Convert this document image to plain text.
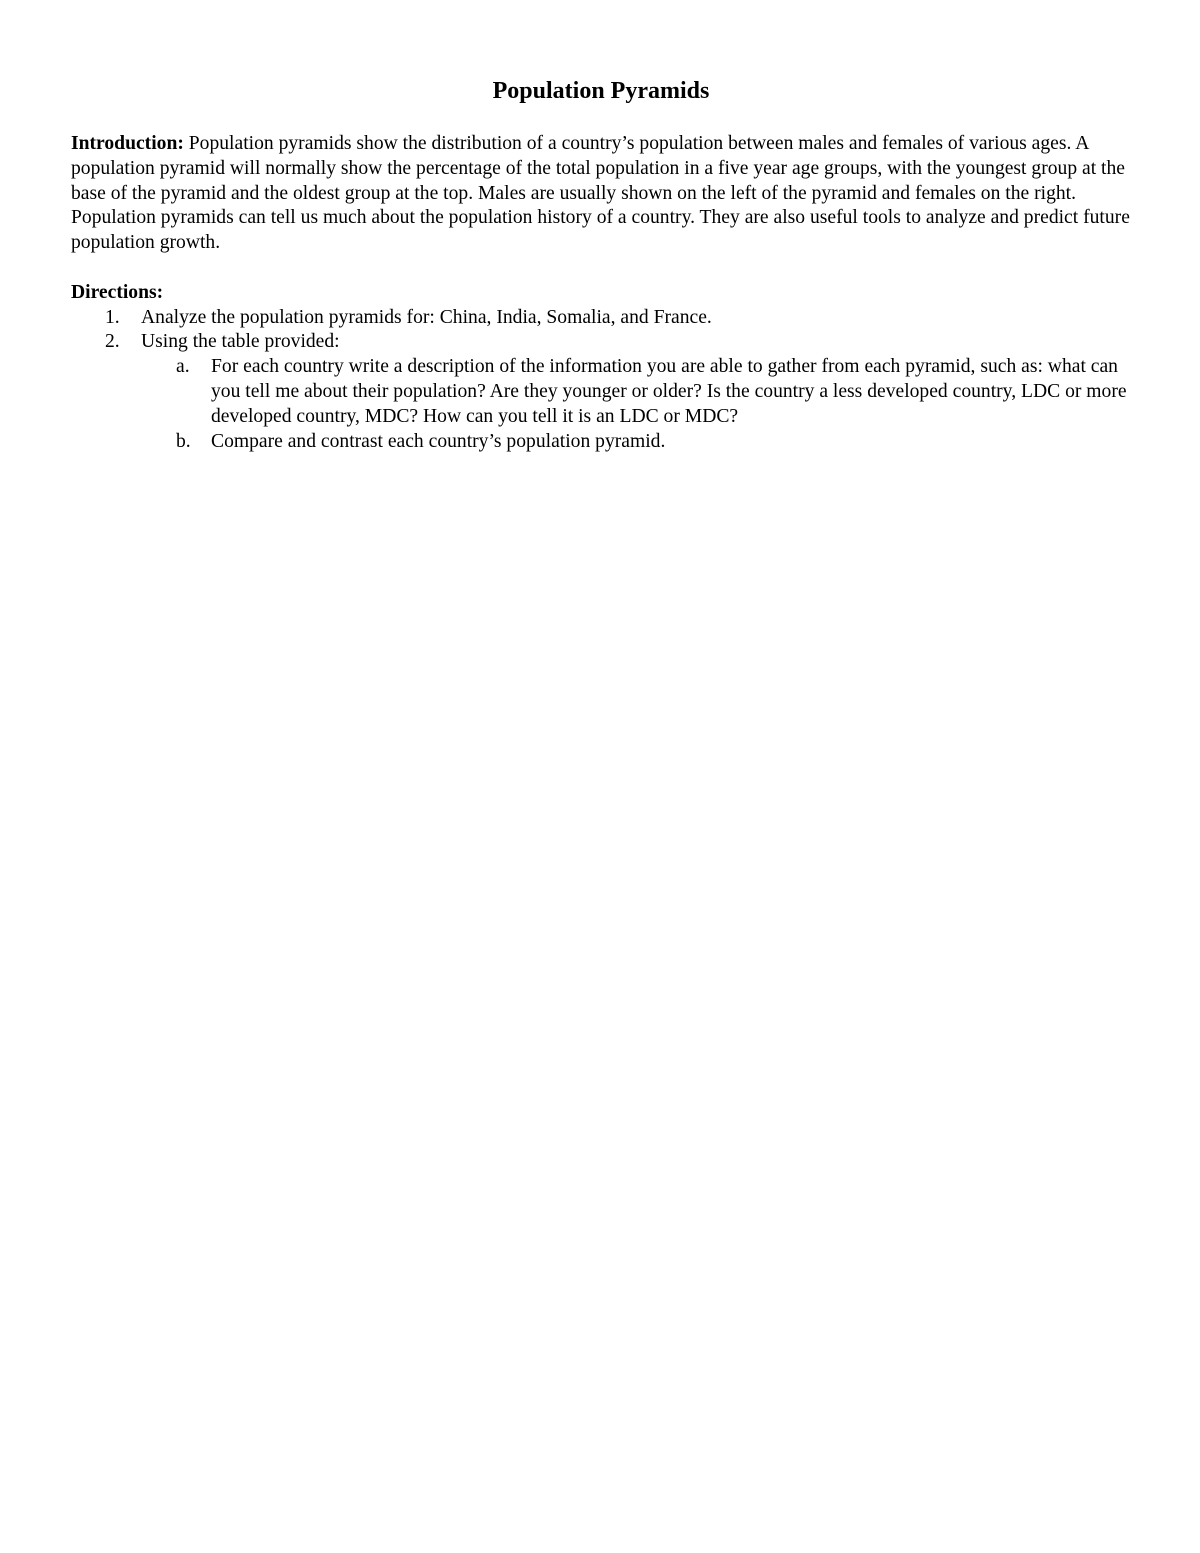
Population Pyramids

Introduction: Population pyramids show the distribution of a country’s population between males and females of various ages. A population pyramid will normally show the percentage of the total population in a five year age groups, with the youngest group at the base of the pyramid and the oldest group at the top. Males are usually shown on the left of the pyramid and females on the right. Population pyramids can tell us much about the population history of a country. They are also useful tools to analyze and predict future population growth.

Directions:

1. Analyze the population pyramids for: China, India, Somalia, and France.
2. Using the table provided:
a. For each country write a description of the information you are able to gather from each pyramid, such as: what can you tell me about their population? Are they younger or older? Is the country a less developed country, LDC or more developed country, MDC? How can you tell it is an LDC or MDC?
b. Compare and contrast each country’s population pyramid.
